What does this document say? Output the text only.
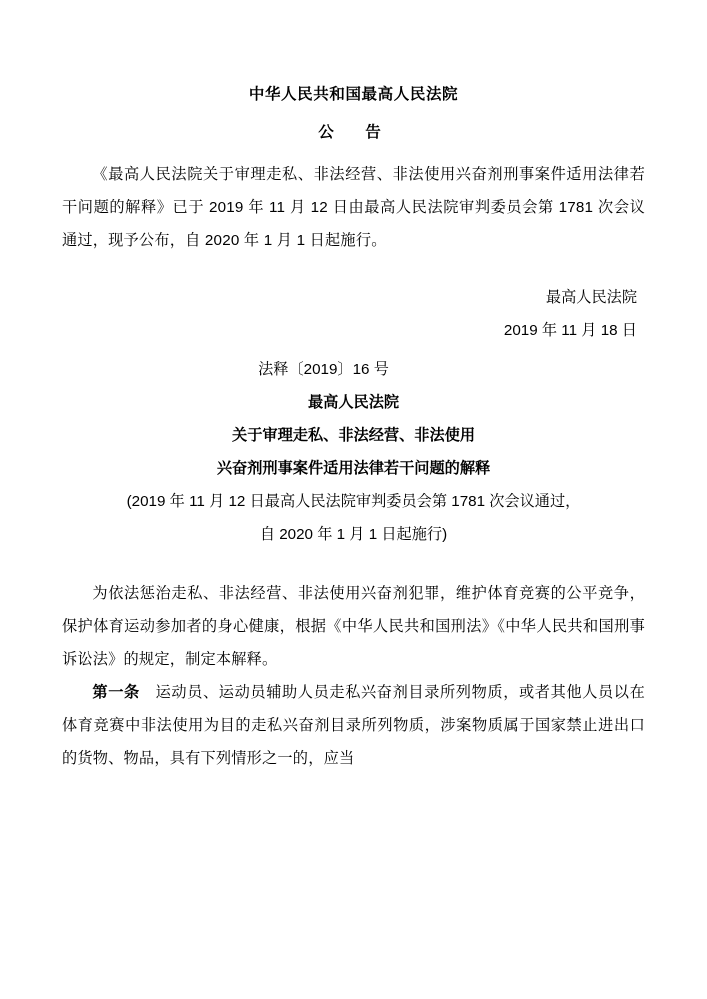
中华人民共和国最高人民法院
公　告

《最高人民法院关于审理走私、非法经营、非法使用兴奋剂刑事案件适用法律若干问题的解释》已于 2019 年 11 月 12 日由最高人民法院审判委员会第 1781 次会议通过，现予公布，自 2020 年 1 月 1 日起施行。

最高人民法院

2019 年 11 月 18 日

法释〔2019〕16 号

最高人民法院

关于审理走私、非法经营、非法使用

兴奋剂刑事案件适用法律若干问题的解释

(2019 年 11 月 12 日最高人民法院审判委员会第 1781 次会议通过，

自 2020 年 1 月 1 日起施行)

为依法惩治走私、非法经营、非法使用兴奋剂犯罪，维护体育竞赛的公平竞争，保护体育运动参加者的身心健康，根据《中华人民共和国刑法》《中华人民共和国刑事诉讼法》的规定，制定本解释。

第一条　运动员、运动员辅助人员走私兴奋剂目录所列物质，或者其他人员以在体育竞赛中非法使用为目的走私兴奋剂目录所列物质，涉案物质属于国家禁止进出口的货物、物品，具有下列情形之一的，应当
